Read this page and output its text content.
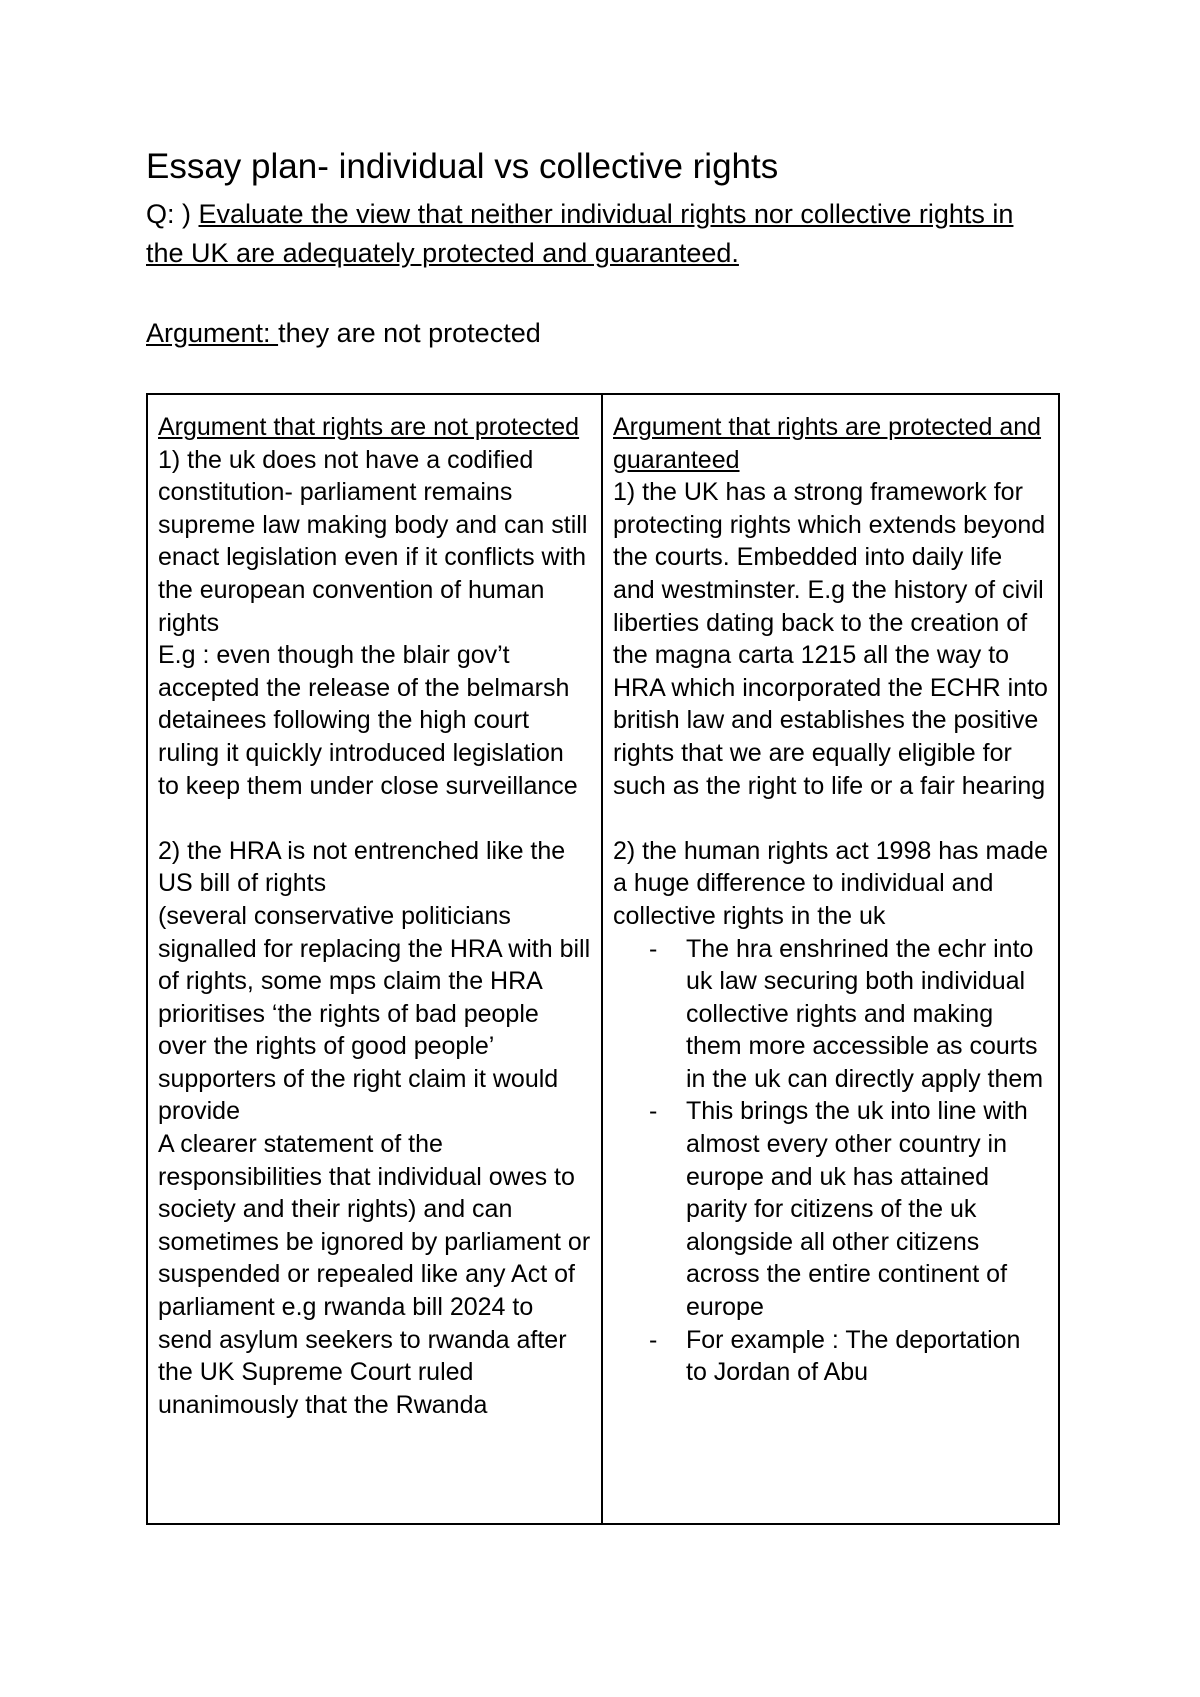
Essay plan- individual vs collective rights
Q: ) Evaluate the view that neither individual rights nor collective rights in the UK are adequately protected and guaranteed.
Argument: they are not protected
Argument that rights are not protected

1) the uk does not have a codified constitution- parliament remains supreme law making body and can still enact legislation even if it conflicts with the european convention of human rights

E.g : even though the blair gov’t accepted the release of the belmarsh detainees following the high court ruling it quickly introduced legislation to keep them under close surveillance

2) the HRA is not entrenched like the US bill of rights

(several conservative politicians signalled for replacing the HRA with bill of rights, some mps claim the HRA prioritises ‘the rights of bad people over the rights of good people’ supporters of the right claim it would provide

A clearer statement of the responsibilities that individual owes to society and their rights) and can sometimes be ignored by parliament or suspended or repealed like any Act of parliament e.g rwanda bill 2024 to send asylum seekers to rwanda after the UK Supreme Court ruled unanimously that the Rwanda

Argument that rights are protected and guaranteed

1) the UK has a strong framework for protecting rights which extends beyond the courts. Embedded into daily life and westminster. E.g the history of civil liberties dating back to the creation of the magna carta 1215 all the way to HRA which incorporated the ECHR into british law and establishes the positive rights that we are equally eligible for such as the right to life or a fair hearing

2) the human rights act 1998 has made a huge difference to individual and collective rights in the uk

- The hra enshrined the echr into uk law securing both individual collective rights and making them more accessible as courts in the uk can directly apply them
- This brings the uk into line with almost every other country in europe and uk has attained parity for citizens of the uk alongside all other citizens across the entire continent of europe
- For example : The deportation to Jordan of Abu
